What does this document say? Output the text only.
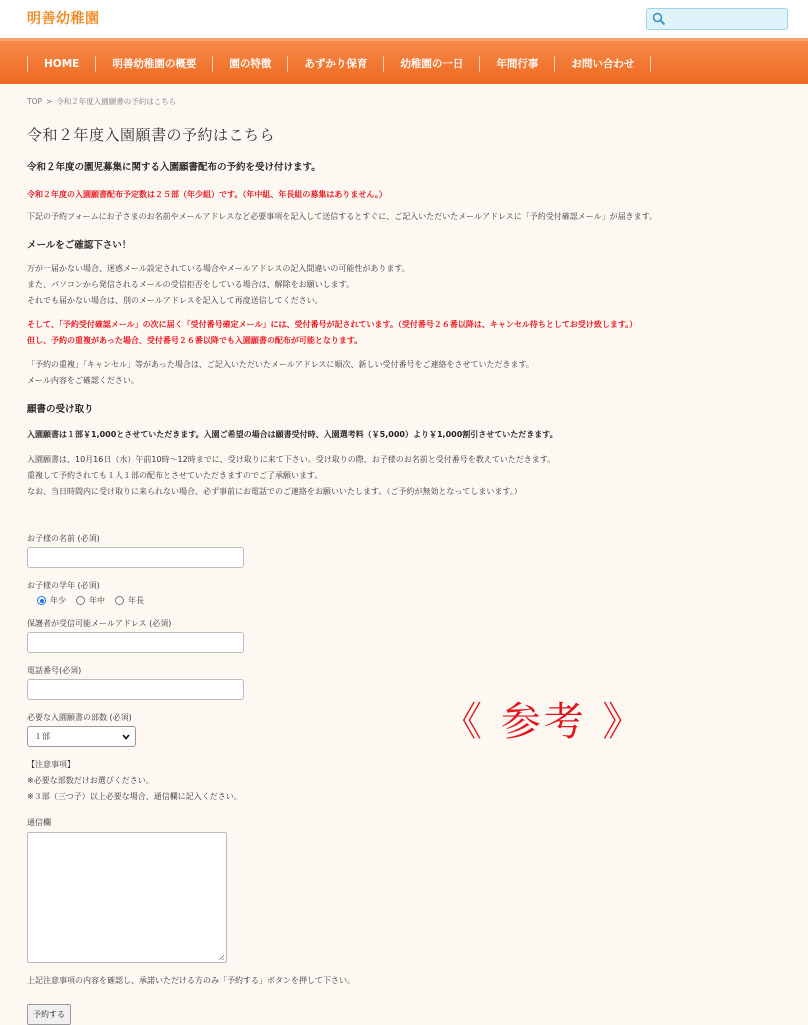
明善幼稚園
HOME	明善幼稚園の概要	園の特徴	あずかり保育	幼稚園の一日	年間行事	お問い合わせ
TOP > 令和２年度入園願書の予約はこちら
令和２年度入園願書の予約はこちら
令和２年度の園児募集に関する入園願書配布の予約を受け付けます。
令和２年度の入園願書配布予定数は２５部（年少組）です。（年中組、年長組の募集はありません。）
下記の予約フォームにお子さまのお名前やメールアドレスなど必要事項を記入して送信するとすぐに、ご記入いただいたメールアドレスに「予約受付確認メール」が届きます。
メールをご確認下さい！
万が一届かない場合、迷惑メール設定されている場合やメールアドレスの記入間違いの可能性があります。
また、パソコンから発信されるメールの受信拒否をしている場合は、解除をお願いします。
それでも届かない場合は、別のメールアドレスを記入して再度送信してください。
そして、「予約受付確認メール」の次に届く「受付番号確定メール」には、受付番号が記されています。（受付番号２６番以降は、キャンセル待ちとしてお受け致します。）
但し、予約の重複があった場合、受付番号２６番以降でも入園願書の配布が可能となります。
「予約の重複」「キャンセル」等があった場合は、ご記入いただいたメールアドレスに順次、新しい受付番号をご連絡をさせていただきます。
メール内容をご確認ください。
願書の受け取り
入園願書は１部￥1,000とさせていただきます。入園ご希望の場合は願書受付時、入園選考料（￥5,000）より￥1,000割引させていただきます。
入園願書は、10月16日（水）午前10時～12時までに、受け取りに来て下さい。受け取りの際、お子様のお名前と受付番号を教えていただきます。
重複して予約されても１人１部の配布とさせていただきますのでご了承願います。
なお、当日時間内に受け取りに来られない場合、必ず事前にお電話でのご連絡をお願いいたします。（ご予約が無効となってしまいます。）
お子様の名前 (必須)
お子様の学年 (必須)
年少	年中	年長
保護者が受信可能メールアドレス (必須)
電話番号(必須)
必要な入園願書の部数 (必須)
１部
【注意事項】
※必要な部数だけお選びください。
※３部（三つ子）以上必要な場合、通信欄に記入ください。
通信欄
上記注意事項の内容を確認し、承諾いただける方のみ「予約する」ボタンを押して下さい。
予約する
《 参考 》
